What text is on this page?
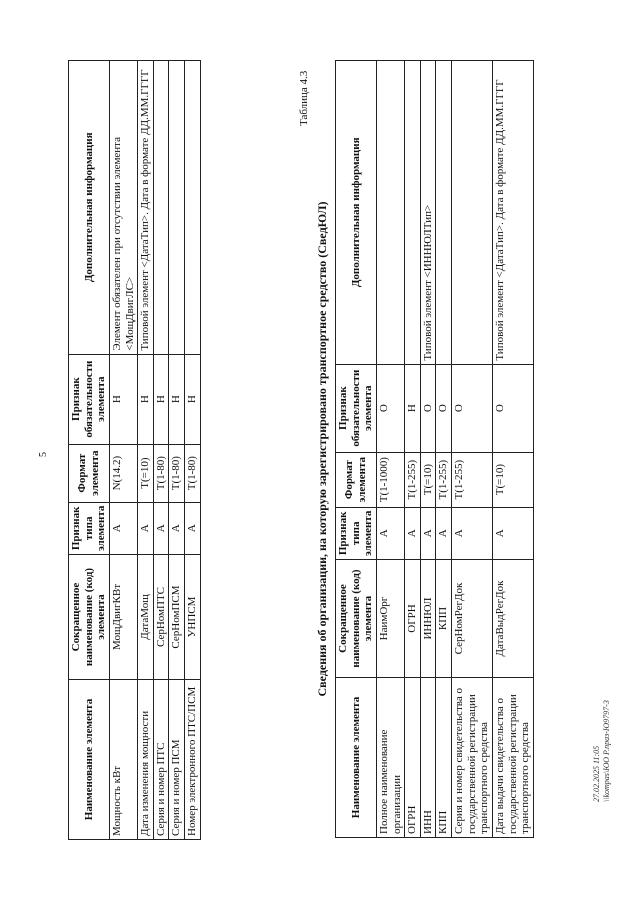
5
Наименование элемента	Сокращенное наименование (код) элемента	Признак типа элемента	Формат элемента	Признак обязательности элемента	Дополнительная информация
Мощность кВт	МощДвигКВт	А	N(14.2)	Н	Элемент обязателен при отсутствии элемента <МощДвигЛС>
Дата изменения мощности	ДатаМощ	А	Т(=10)	Н	Типовой элемент <ДатаТип>. Дата в формате ДД.ММ.ГГГГ
Серия и номер ПТС	СерНомПТС	А	Т(1-80)	Н	
Серия и номер ПСМ	СерНомПСМ	А	Т(1-80)	Н	
Номер электронного ПТС/ПСМ	УНПСМ	А	Т(1-80)	Н	
Таблица 4.3
Сведения об организации, на которую зарегистрировано транспортное средство (СведЮЛ)
Наименование элемента	Сокращенное наименование (код) элемента	Признак типа элемента	Формат элемента	Признак обязательности элемента	Дополнительная информация
Полное наименование организации	НаимОрг	А	Т(1-1000)	О	
ОГРН	ОГРН	А	Т(1-255)	Н	
ИНН	ИННЮЛ	А	Т(=10)	О	Типовой элемент <ИННЮЛТип>
КПП	КПП	А	Т(1-255)	О	
Серия и номер свидетельства о государственной регистрации транспортного средства	СерНомРегДок	А	Т(1-255)	О	
Дата выдачи свидетельства о государственной регистрации транспортного средства	ДатаВыдРегДок	А	Т(=10)	О	Типовой элемент <ДатаТип>. Дата в формате ДД.ММ.ГГГГ
27.02.2025 11:05 \\kompas\ЮО Р.праз-Ю9797-3
